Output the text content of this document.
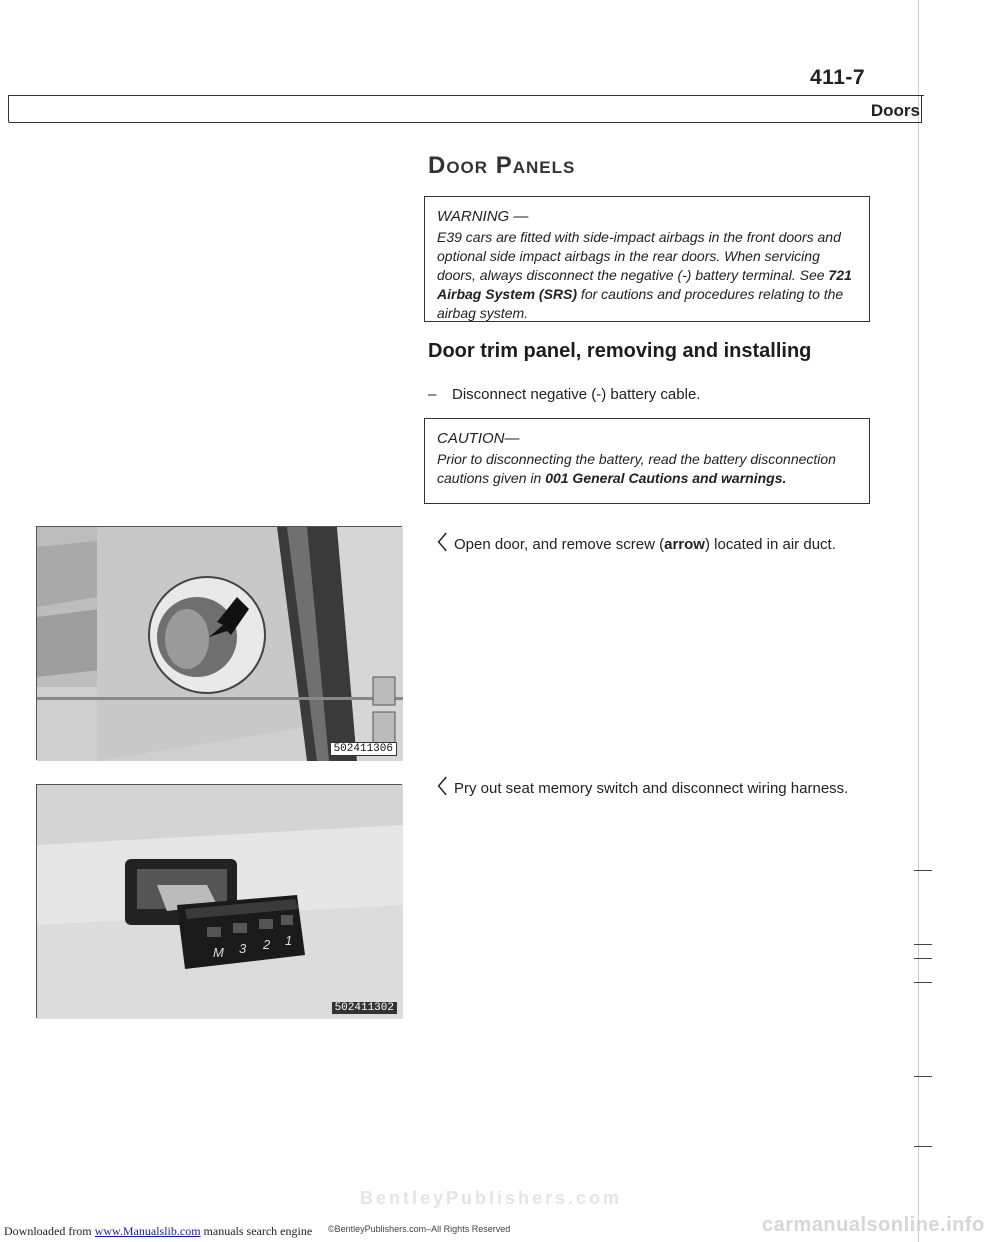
411-7
Doors
Door Panels
WARNING —
E39 cars are fitted with side-impact airbags in the front doors and optional side impact airbags in the rear doors. When servicing doors, always disconnect the negative (-) battery terminal. See 721 Airbag System (SRS) for cautions and procedures relating to the airbag system.
Door trim panel, removing and installing
– Disconnect negative (-) battery cable.
CAUTION—
Prior to disconnecting the battery, read the battery disconnection cautions given in 001 General Cautions and warnings.
〈 Open door, and remove screw (arrow) located in air duct.
〈 Pry out seat memory switch and disconnect wiring harness.
502411306
M 3 2 1
502411302
BentleyPublishers.com
Downloaded from www.Manualslib.com manuals search engine ©BentleyPublishers.com–All Rights Reserved	carmanualsonline.info
